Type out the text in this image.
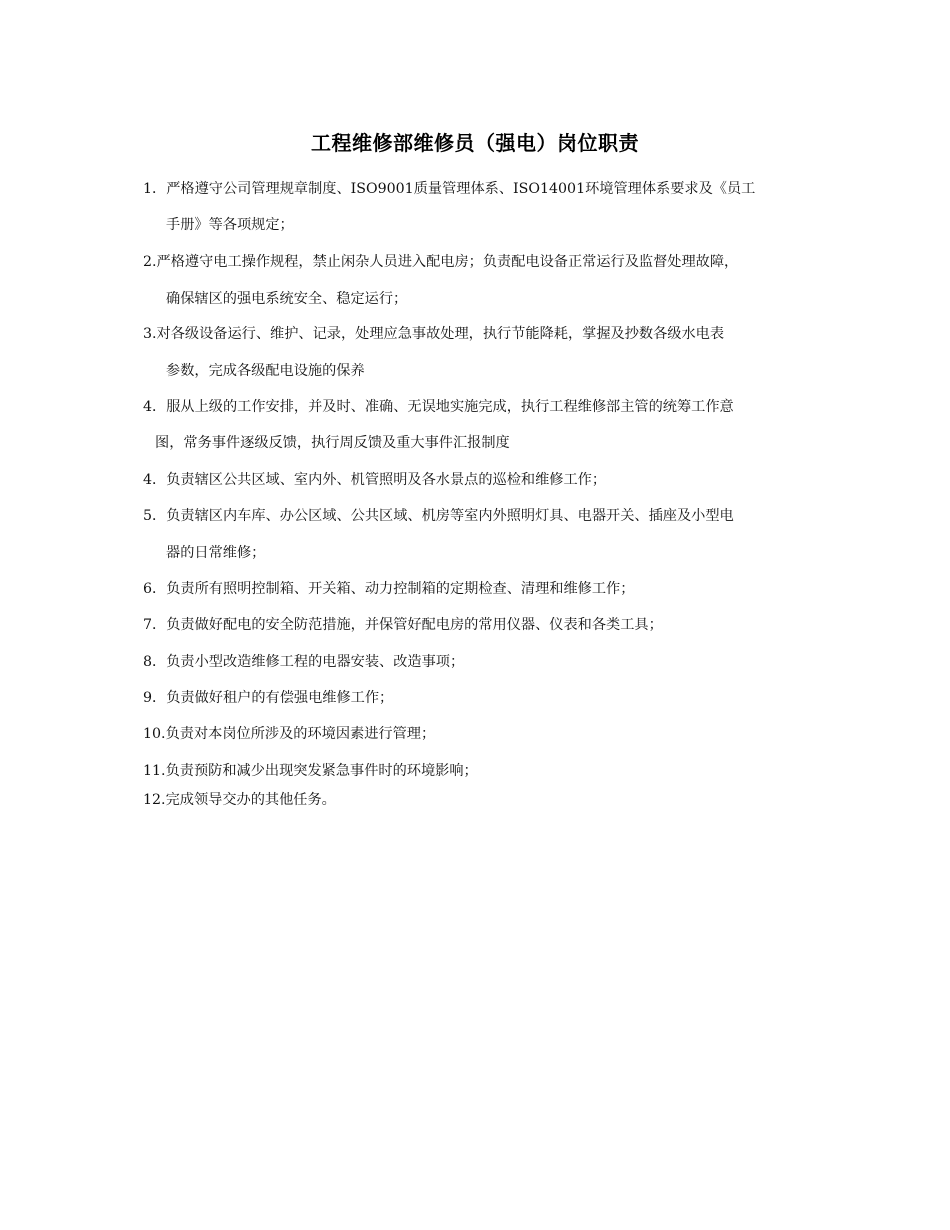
工程维修部维修员（强电）岗位职责
1．严格遵守公司管理规章制度、ISO9001质量管理体系、ISO14001环境管理体系要求及《员工
手册》等各项规定；
2.严格遵守电工操作规程，禁止闲杂人员进入配电房；负责配电设备正常运行及监督处理故障，
确保辖区的强电系统安全、稳定运行；
3.对各级设备运行、维护、记录，处理应急事故处理，执行节能降耗，掌握及抄数各级水电表
参数，完成各级配电设施的保养
4．服从上级的工作安排，并及时、准确、无误地实施完成，执行工程维修部主管的统筹工作意
图，常务事件逐级反馈，执行周反馈及重大事件汇报制度
4．负责辖区公共区域、室内外、机管照明及各水景点的巡检和维修工作；
5．负责辖区内车库、办公区域、公共区域、机房等室内外照明灯具、电器开关、插座及小型电
器的日常维修；
6．负责所有照明控制箱、开关箱、动力控制箱的定期检查、清理和维修工作；
7．负责做好配电的安全防范措施，并保管好配电房的常用仪器、仪表和各类工具；
8．负责小型改造维修工程的电器安装、改造事项；
9．负责做好租户的有偿强电维修工作；
10.负责对本岗位所涉及的环境因素进行管理；
11.负责预防和减少出现突发紧急事件时的环境影响；
12.完成领导交办的其他任务。
